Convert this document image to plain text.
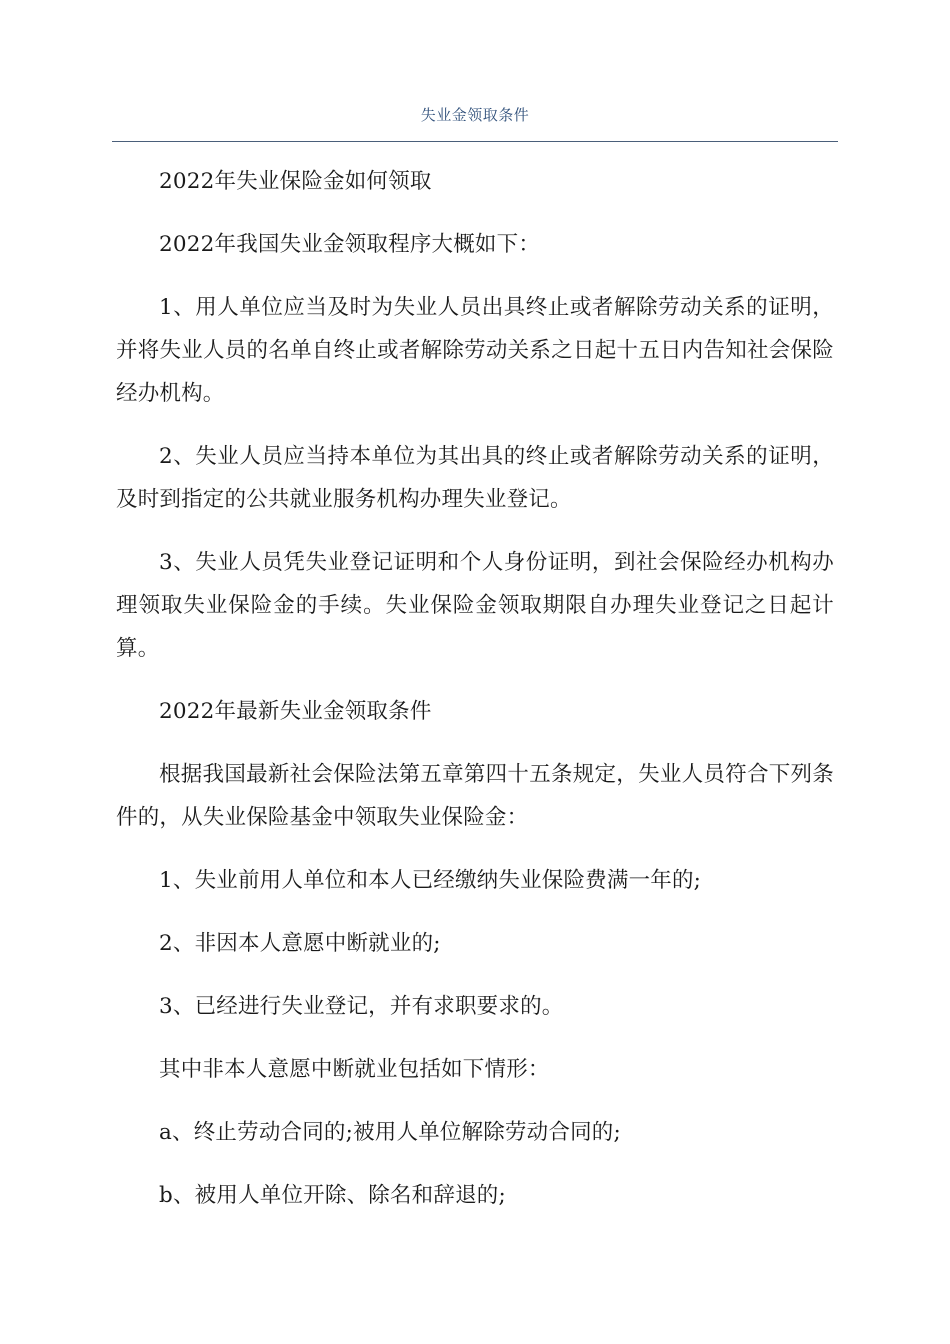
失业金领取条件

2022年失业保险金如何领取

2022年我国失业金领取程序大概如下：

1、用人单位应当及时为失业人员出具终止或者解除劳动关系的证明，并将失业人员的名单自终止或者解除劳动关系之日起十五日内告知社会保险经办机构。

2、失业人员应当持本单位为其出具的终止或者解除劳动关系的证明，及时到指定的公共就业服务机构办理失业登记。

3、失业人员凭失业登记证明和个人身份证明，到社会保险经办机构办理领取失业保险金的手续。失业保险金领取期限自办理失业登记之日起计算。

2022年最新失业金领取条件

根据我国最新社会保险法第五章第四十五条规定，失业人员符合下列条件的，从失业保险基金中领取失业保险金：

1、失业前用人单位和本人已经缴纳失业保险费满一年的;

2、非因本人意愿中断就业的;

3、已经进行失业登记，并有求职要求的。

其中非本人意愿中断就业包括如下情形：

a、终止劳动合同的;被用人单位解除劳动合同的;

b、被用人单位开除、除名和辞退的;
